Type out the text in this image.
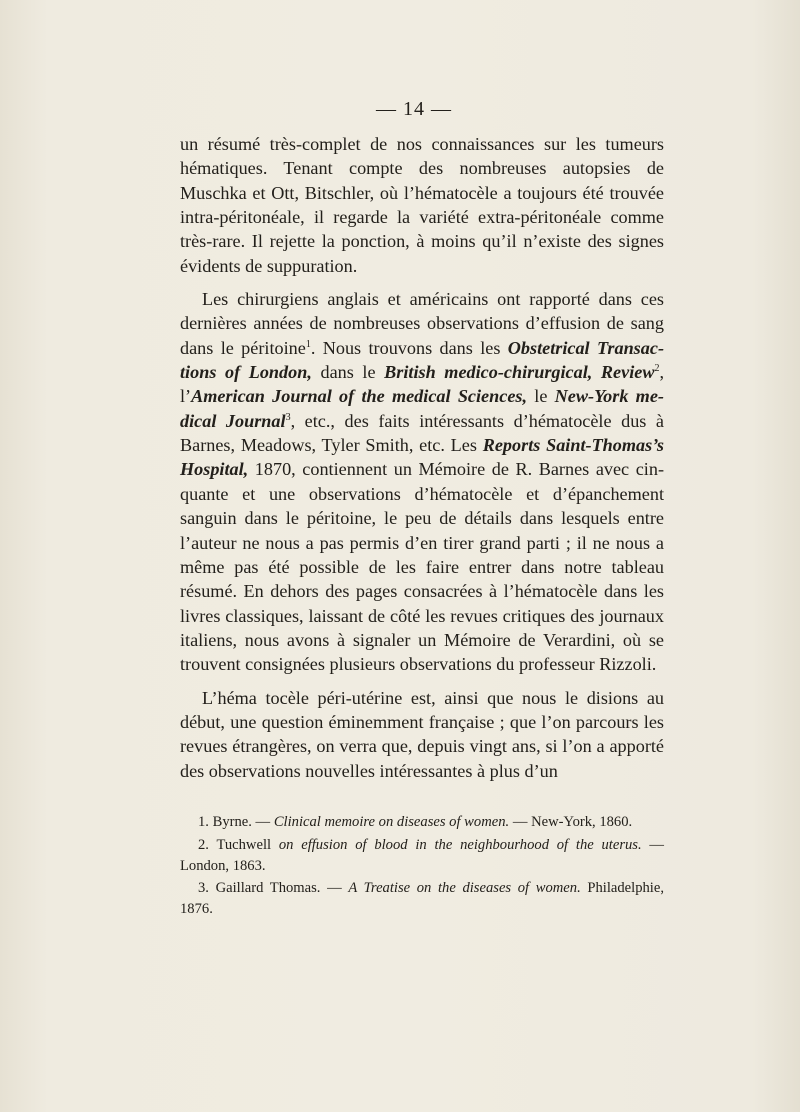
— 14 —

un résumé très-complet de nos connaissances sur les tumeurs hématiques. Tenant compte des nombreuses autopsies de Muschka et Ott, Bitschler, où l’hématocèle a toujours été trouvée intra-péritonéale, il regarde la variété extra-péritonéale comme très-rare. Il rejette la ponction, à moins qu’il n’existe des signes évidents de suppuration.

Les chirurgiens anglais et américains ont rapporté dans ces dernières années de nombreuses observations d’effusion de sang dans le péritoine$^1$. Nous trouvons dans les Obstetrical Transactions of London, dans le British medico-chirurgical, Review$^2$, l’American Journal of the medical Sciences, le New-York medical Journal$^3$, etc., des faits intéressants d’hématocèle dus à Barnes, Meadows, Tyler Smith, etc. Les Reports Saint-Thomas’s Hospital, 1870, contiennent un Mémoire de R. Barnes avec cinquante et une observations d’hématocèle et d’épanchement sanguin dans le péritoine, le peu de détails dans lesquels entre l’auteur ne nous a pas permis d’en tirer grand parti ; il ne nous a même pas été possible de les faire entrer dans notre tableau résumé. En dehors des pages consacrées à l’hématocèle dans les livres classiques, laissant de côté les revues critiques des journaux italiens, nous avons à signaler un Mémoire de Verardini, où se trouvent consignées plusieurs observations du professeur Rizzoli.

L’héma tocèle péri-utérine est, ainsi que nous le disions au début, une question éminemment française ; que l’on parcours les revues étrangères, on verra que, depuis vingt ans, si l’on a apporté des observations nouvelles intéressantes à plus d’un

1. Byrne. — Clinical memoire on diseases of women. — New-York, 1860.

2. Tuchwell on effusion of blood in the neighbourhood of the uterus. — London, 1863.

3. Gaillard Thomas. — A Treatise on the diseases of women. Philadelphie, 1876.
